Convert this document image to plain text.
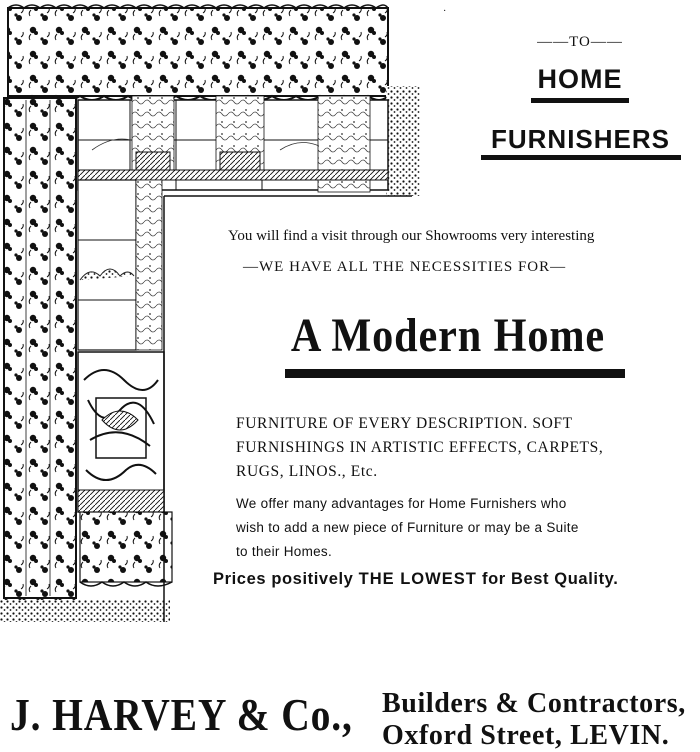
·
——TO——
HOME
FURNISHERS
You will find a visit through our Showrooms very interesting
—WE HAVE ALL THE NECESSITIES FOR—
A Modern Home
FURNITURE OF EVERY DESCRIPTION. SOFT
FURNISHINGS IN ARTISTIC EFFECTS, CARPETS,
RUGS, LINOS., Etc.
We offer many advantages for Home Furnishers who
wish to add a new piece of Furniture or may be a Suite
to their Homes.
Prices positively THE LOWEST for Best Quality.
J. HARVEY & Co., Builders & Contractors,
Oxford Street, LEVIN.
